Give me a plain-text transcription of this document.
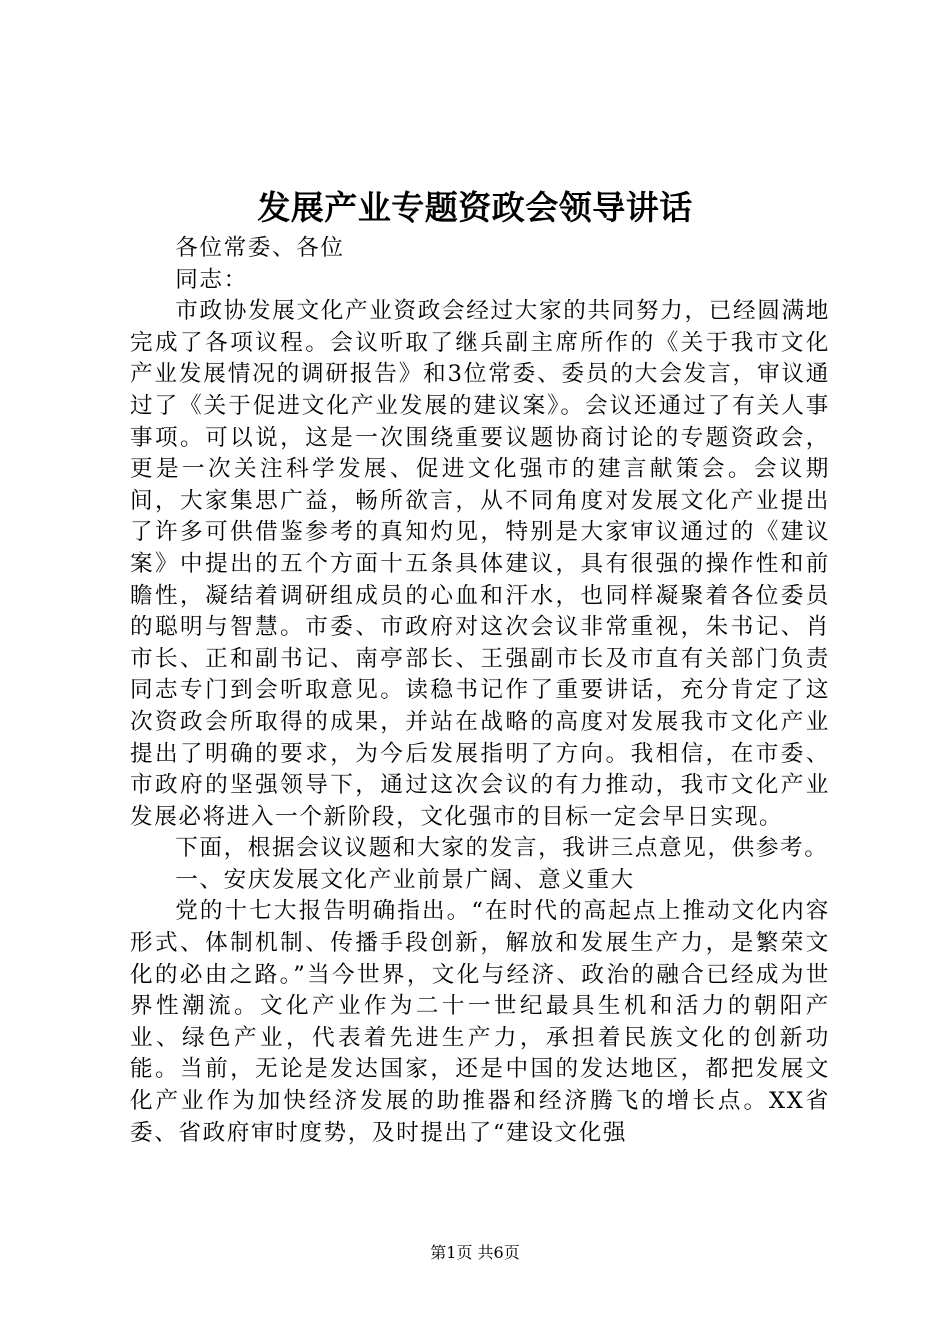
发展产业专题资政会领导讲话

各位常委、各位

同志：

市政协发展文化产业资政会经过大家的共同努力，已经圆满地完成了各项议程。会议听取了继兵副主席所作的《关于我市文化产业发展情况的调研报告》和3位常委、委员的大会发言，审议通过了《关于促进文化产业发展的建议案》。会议还通过了有关人事事项。可以说，这是一次围绕重要议题协商讨论的专题资政会，更是一次关注科学发展、促进文化强市的建言献策会。会议期间，大家集思广益，畅所欲言，从不同角度对发展文化产业提出了许多可供借鉴参考的真知灼见，特别是大家审议通过的《建议案》中提出的五个方面十五条具体建议，具有很强的操作性和前瞻性，凝结着调研组成员的心血和汗水，也同样凝聚着各位委员的聪明与智慧。市委、市政府对这次会议非常重视，朱书记、肖市长、正和副书记、南亭部长、王强副市长及市直有关部门负责同志专门到会听取意见。读稳书记作了重要讲话，充分肯定了这次资政会所取得的成果，并站在战略的高度对发展我市文化产业提出了明确的要求，为今后发展指明了方向。我相信，在市委、市政府的坚强领导下，通过这次会议的有力推动，我市文化产业发展必将进入一个新阶段，文化强市的目标一定会早日实现。

下面，根据会议议题和大家的发言，我讲三点意见，供参考。

一、安庆发展文化产业前景广阔、意义重大

党的十七大报告明确指出。“在时代的高起点上推动文化内容形式、体制机制、传播手段创新，解放和发展生产力，是繁荣文化的必由之路。”当今世界，文化与经济、政治的融合已经成为世界性潮流。文化产业作为二十一世纪最具生机和活力的朝阳产业、绿色产业，代表着先进生产力，承担着民族文化的创新功能。当前，无论是发达国家，还是中国的发达地区，都把发展文化产业作为加快经济发展的助推器和经济腾飞的增长点。XX省委、省政府审时度势，及时提出了“建设文化强

第1页 共6页
